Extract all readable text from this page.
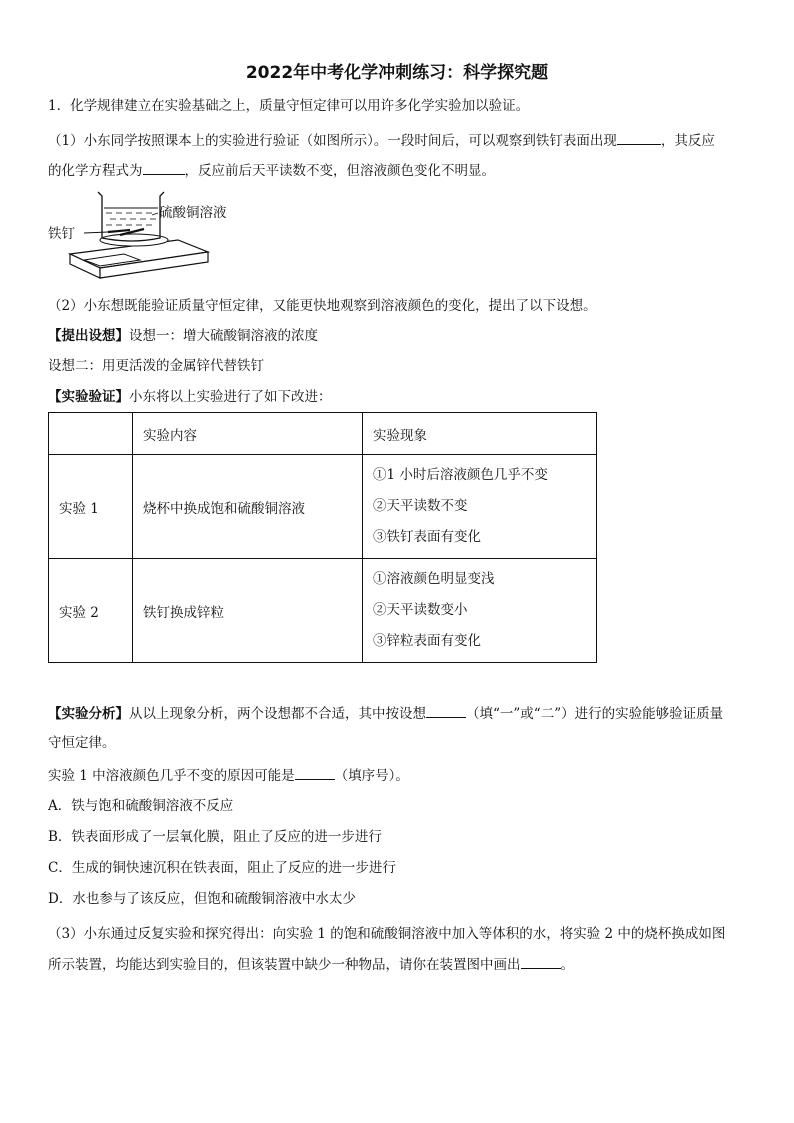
2022年中考化学冲刺练习：科学探究题
1．化学规律建立在实验基础之上，质量守恒定律可以用许多化学实验加以验证。
（1）小东同学按照课本上的实验进行验证（如图所示）。一段时间后，可以观察到铁钉表面出现	，其反应
的化学方程式为	，反应前后天平读数不变，但溶液颜色变化不明显。
硫酸铜溶液
铁钉
（2）小东想既能验证质量守恒定律，又能更快地观察到溶液颜色的变化，提出了以下设想。
【提出设想】设想一：增大硫酸铜溶液的浓度
设想二：用更活泼的金属锌代替铁钉
【实验验证】小东将以上实验进行了如下改进：
	实验内容	实验现象
实验 1	烧杯中换成饱和硫酸铜溶液	①1 小时后溶液颜色几乎不变
②天平读数不变
③铁钉表面有变化

实验 2	铁钉换成锌粒	①溶液颜色明显变浅
②天平读数变小
③锌粒表面有变化
【实验分析】从以上现象分析，两个设想都不合适，其中按设想	（填“一”或“二”）进行的实验能够验证质量
守恒定律。
实验 1 中溶液颜色几乎不变的原因可能是	（填序号）。
A．铁与饱和硫酸铜溶液不反应
B．铁表面形成了一层氧化膜，阻止了反应的进一步进行
C．生成的铜快速沉积在铁表面，阻止了反应的进一步进行
D．水也参与了该反应，但饱和硫酸铜溶液中水太少
（3）小东通过反复实验和探究得出：向实验 1 的饱和硫酸铜溶液中加入等体积的水，将实验 2 中的烧杯换成如图
所示装置，均能达到实验目的，但该装置中缺少一种物品，请你在装置图中画出	。
